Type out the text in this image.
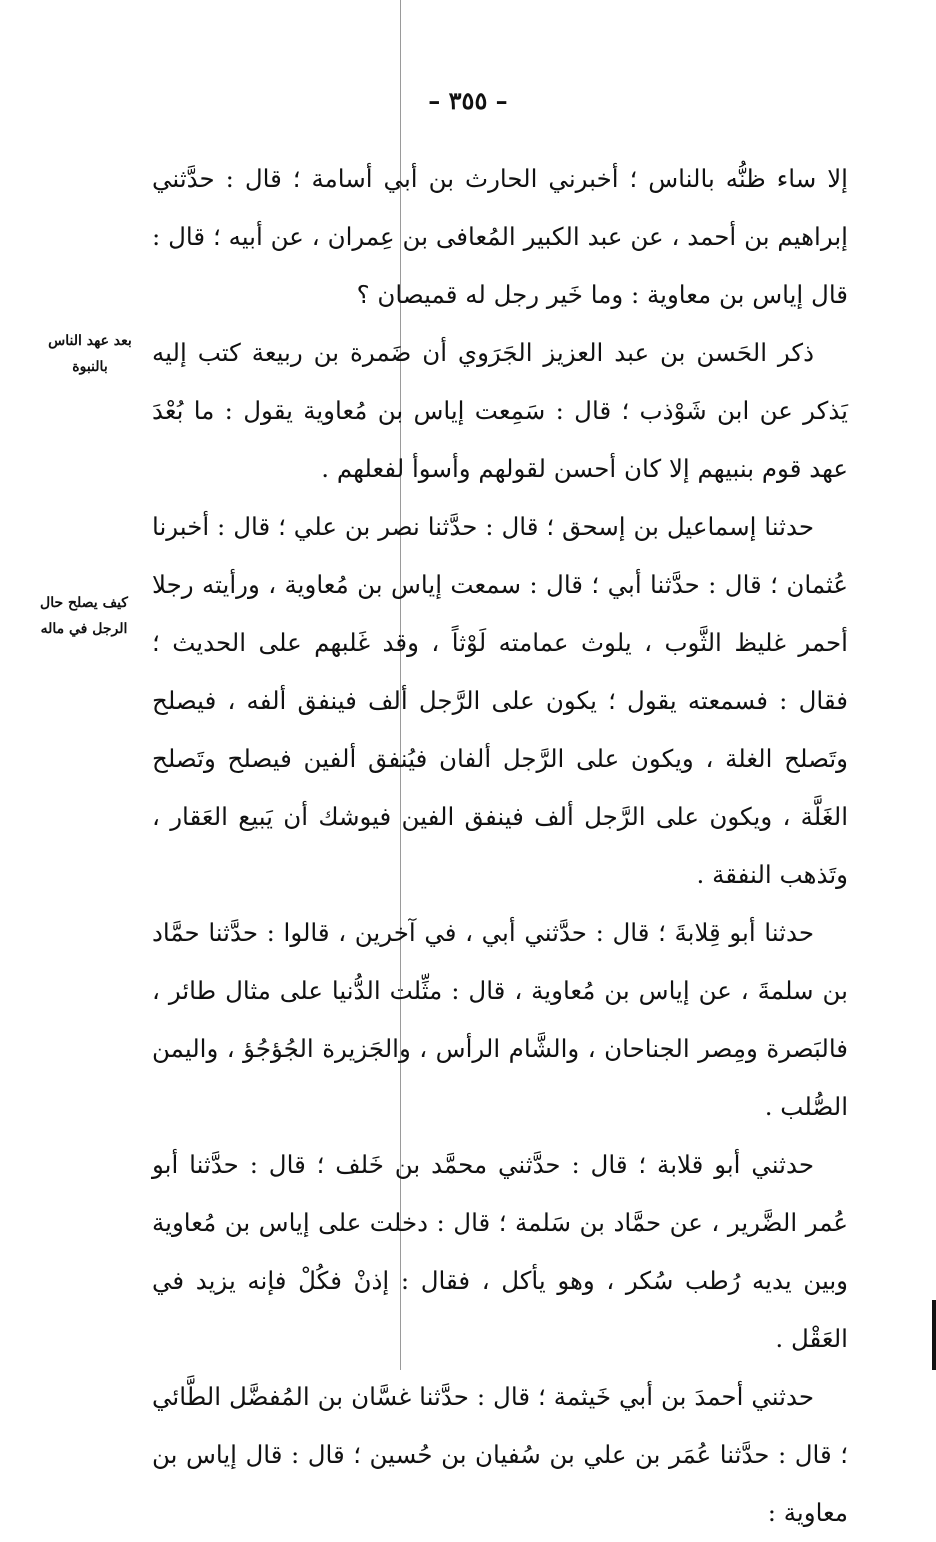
– ٣٥٥ –
بعد عهد الناس بالنبوة
كيف يصلح حال الرجل في ماله

إلا ساء ظنُّه بالناس ؛ أخبرني الحارث بن أبي أسامة ؛ قال : حدَّثني إبراهيم بن أحمد ، عن عبد الكبير المُعافى بن عِمران ، عن أبيه ؛ قال : قال إياس بن معاوية : وما خَير رجل له قميصان ؟

ذكر الحَسن بن عبد العزيز الجَرَوي أن ضَمرة بن ربيعة كتب إليه يَذكر عن ابن شَوْذب ؛ قال : سَمِعت إياس بن مُعاوية يقول : ما بُعْدَ عهد قوم بنبيهم إلا كان أحسن لقولهم وأسوأ لفعلهم .

حدثنا إسماعيل بن إسحق ؛ قال : حدَّثنا نصر بن علي ؛ قال : أخبرنا عُثمان ؛ قال : حدَّثنا أبي ؛ قال : سمعت إياس بن مُعاوية ، ورأيته رجلا أحمر غليظ الثَّوب ، يلوث عمامته لَوْثاً ، وقد غَلبهم على الحديث ؛ فقال : فسمعته يقول ؛ يكون على الرَّجل ألف فينفق ألفه ، فيصلح وتَصلح الغلة ، ويكون على الرَّجل ألفان فيُنفق ألفين فيصلح وتَصلح الغَلَّة ، ويكون على الرَّجل ألف فينفق الفين فيوشك أن يَبيع العَقار ، وتَذهب النفقة .

حدثنا أبو قِلابةَ ؛ قال : حدَّثني أبي ، في آخرين ، قالوا : حدَّثنا حمَّاد بن سلمةَ ، عن إياس بن مُعاوية ، قال : مثِّلت الدُّنيا على مثال طائر ، فالبَصرة ومِصر الجناحان ، والشَّام الرأس ، والجَزيرة الجُؤجُؤ ، واليمن الصُّلب .

حدثني أبو قلابة ؛ قال : حدَّثني محمَّد بن خَلف ؛ قال : حدَّثنا أبو عُمر الضَّرير ، عن حمَّاد بن سَلمة ؛ قال : دخلت على إياس بن مُعاوية وبين يديه رُطب سُكر ، وهو يأكل ، فقال : إذنْ فكُلْ فإنه يزيد في العَقْل .

حدثني أحمدَ بن أبي خَيثمة ؛ قال : حدَّثنا غسَّان بن المُفضَّل الطَّائي ؛ قال : حدَّثنا عُمَر بن علي بن سُفيان بن حُسين ؛ قال : قال إياس بن معاوية :
